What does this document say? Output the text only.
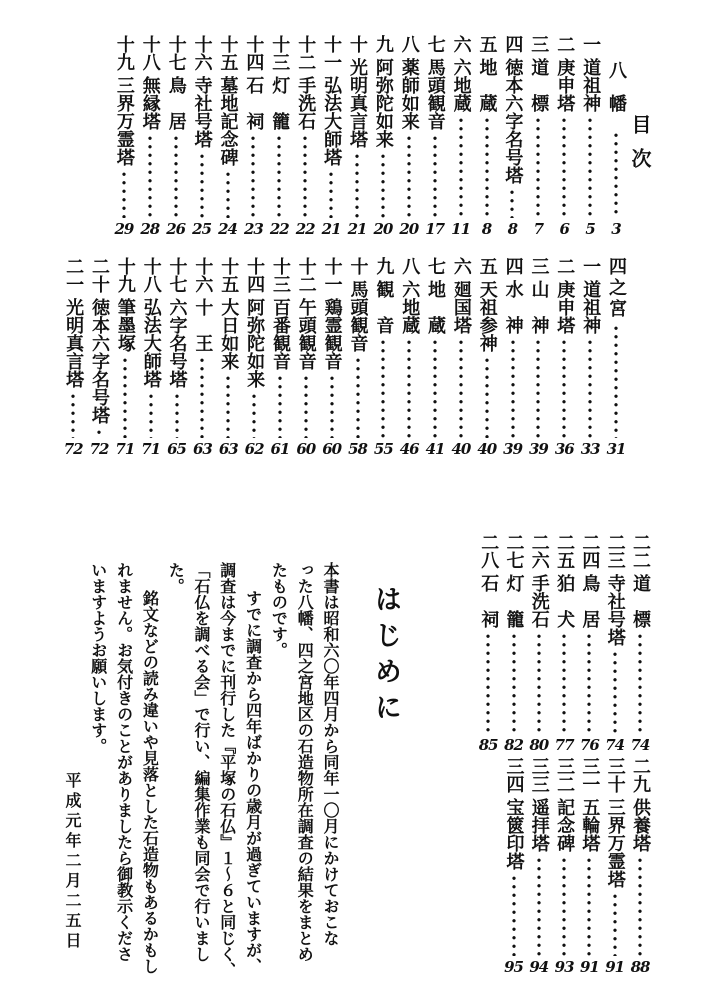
目次
はじめに
平成元年二月二五日
八幡
3
一
道祖神
5
二
庚申塔
6
三
道　標
7
四
徳本六字名号塔
8
五
地　蔵
8
六
六地蔵
11
七
馬頭観音
17
八
薬師如来
20
九
阿弥陀如来
20
十
光明真言塔
21
十一
弘法大師塔
21
十二
手洗石
22
十三
灯　籠
22
十四
石　祠
23
十五
墓地記念碑
24
十六
寺社号塔
25
十七
鳥　居
26
十八
無縁塔
28
十九
三界万霊塔
29
四之宮
31
一
道祖神
33
二
庚申塔
36
三
山　神
39
四
水　神
39
五
天祖参神
40
六
廻国塔
40
七
地　蔵
41
八
六地蔵
46
九
観　音
55
十
馬頭観音
58
十一
鶏霊観音
60
十二
午頭観音
60
十三
百番観音
61
十四
阿弥陀如来
62
十五
大日如来
63
十六
十　王
63
十七
六字名号塔
65
十八
弘法大師塔
71
十九
筆墨塚
71
二十
徳本六字名号塔
72
二一
光明真言塔
72
二二
道　標
74
二三
寺社号塔
74
二四
鳥　居
76
二五
狛　犬
77
二六
手洗石
80
二七
灯　籠
82
二八
石　祠
85
二九
供養塔
88
三十
三界万霊塔
91
三一
五輪塔
91
三二
記念碑
93
三三
遥拝塔
94
三四
宝篋印塔
95
本書は昭和六〇年四月から同年一〇月にかけておこな
った八幡、四之宮地区の石造物所在調査の結果をまとめ
たものです。
すでに調査から四年ばかりの歳月が過ぎていますが、
調査は今までに刊行した『平塚の石仏』１〜６と同じく、
「石仏を調べる会」で行い、編集作業も同会で行いまし
た。
銘文などの読み違いや見落とした石造物もあるかもし
れません。お気付きのことがありましたら御教示くださ
いますようお願いします。
